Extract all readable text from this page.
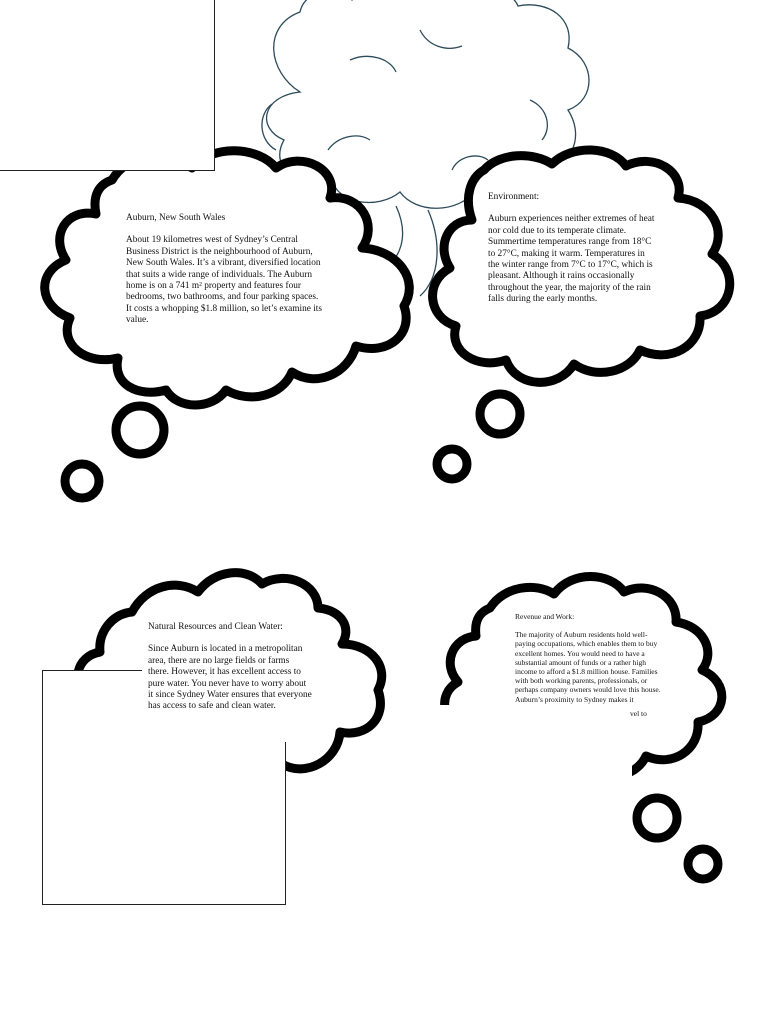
Auburn, New South Wales

About 19 kilometres west of Sydney’s Central Business District is the neighbourhood of Auburn, New South Wales. It’s a vibrant, diversified location that suits a wide range of individuals. The Auburn home is on a 741 m² property and features four bedrooms, two bathrooms, and four parking spaces. It costs a whopping $1.8 million, so let’s examine its value.

Environment:

Auburn experiences neither extremes of heat nor cold due to its temperate climate. Summertime temperatures range from 18°C to 27°C, making it warm. Temperatures in the winter range from 7°C to 17°C, which is pleasant. Although it rains occasionally throughout the year, the majority of the rain falls during the early months.

Natural Resources and Clean Water:

Since Auburn is located in a metropolitan area, there are no large fields or farms there. However, it has excellent access to pure water. You never have to worry about it since Sydney Water ensures that everyone has access to safe and clean water.

Revenue and Work:

The majority of Auburn residents hold well-paying occupations, which enables them to buy excellent homes. You would need to have a substantial amount of funds or a rather high income to afford a $1.8 million house. Families with both working parents, professionals, or perhaps company owners would love this house. Auburn’s proximity to Sydney makes it

vel to
